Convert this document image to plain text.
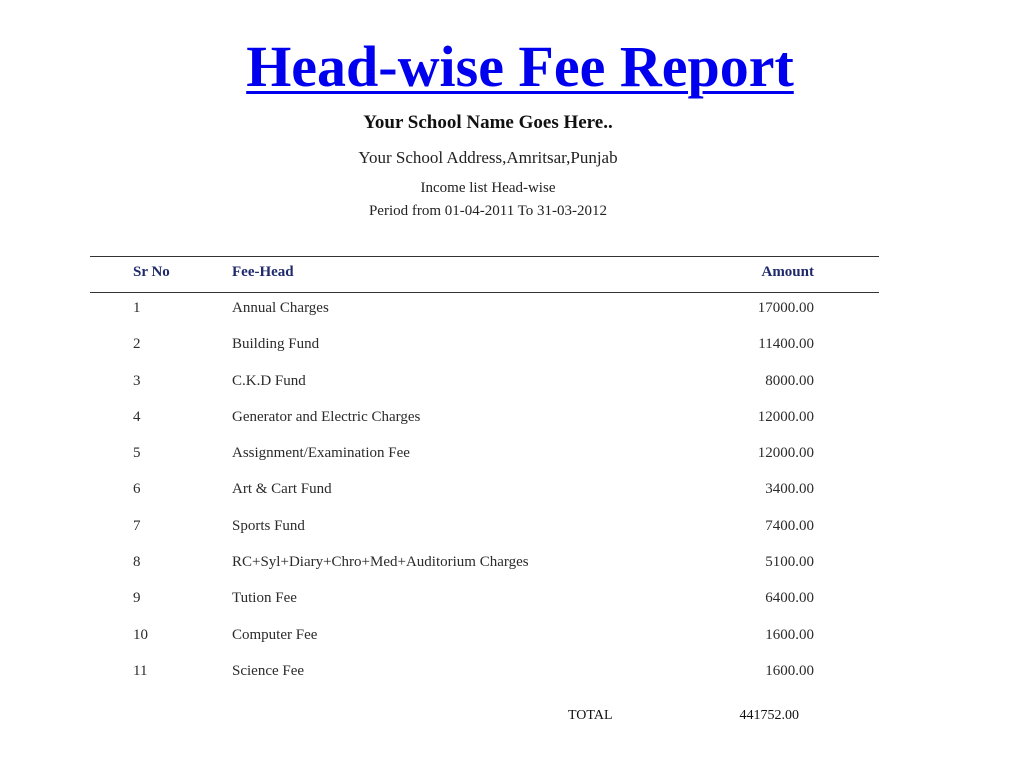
Head-wise Fee Report
Your School Name Goes Here..
Your School Address,Amritsar,Punjab
Income list Head-wise
Period from 01-04-2011 To 31-03-2012
Sr No	Fee-Head	Amount
1	Annual Charges	17000.00
2	Building Fund	11400.00
3	C.K.D Fund	8000.00
4	Generator and Electric Charges	12000.00
5	Assignment/Examination Fee	12000.00
6	Art & Cart Fund	3400.00
7	Sports Fund	7400.00
8	RC+Syl+Diary+Chro+Med+Auditorium Charges	5100.00
9	Tution Fee	6400.00
10	Computer Fee	1600.00
11	Science Fee	1600.00
TOTAL	441752.00
